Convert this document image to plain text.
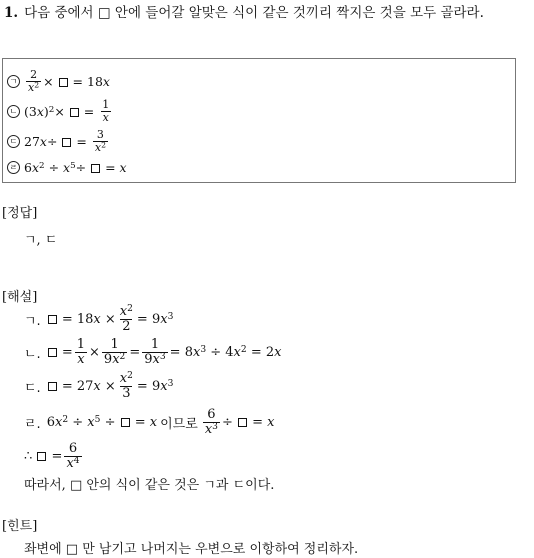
1. 다음 중에서 □ 안에 들어갈 알맞은 식이 같은 것끼리 짝지은 것을 모두 골라라.
ㄱ $\frac{2}{x^2}$ ×  = 18x
ㄴ $(3x)^2\times = \frac{1}{x}$
ㄷ $27x\div = \frac{3}{x^2}$
ㄹ $6x^2 \div x^5\div = x$
[정답]
ㄱ, ㄷ
[해설]
ㄱ.	= $18x \times \frac{x^2}{2} = 9x^3$
ㄴ.	= $\frac{1}{x} \times \frac{1}{9x^2} = \frac{1}{9x^3} = 8x^3 \div 4x^2 = 2x$
ㄷ.	= $27x \times \frac{x^2}{3} = 9x^3$
ㄹ. $6x^2 \div x^5$ ÷  = x 이므로 $\frac{6}{x^3}$ ÷  = x
∴	= $\frac{6}{x^4}$
따라서, □ 안의 식이 같은 것은 ㄱ과 ㄷ이다.
[힌트]
좌변에 □ 만 남기고 나머지는 우변으로 이항하여 정리하자.
